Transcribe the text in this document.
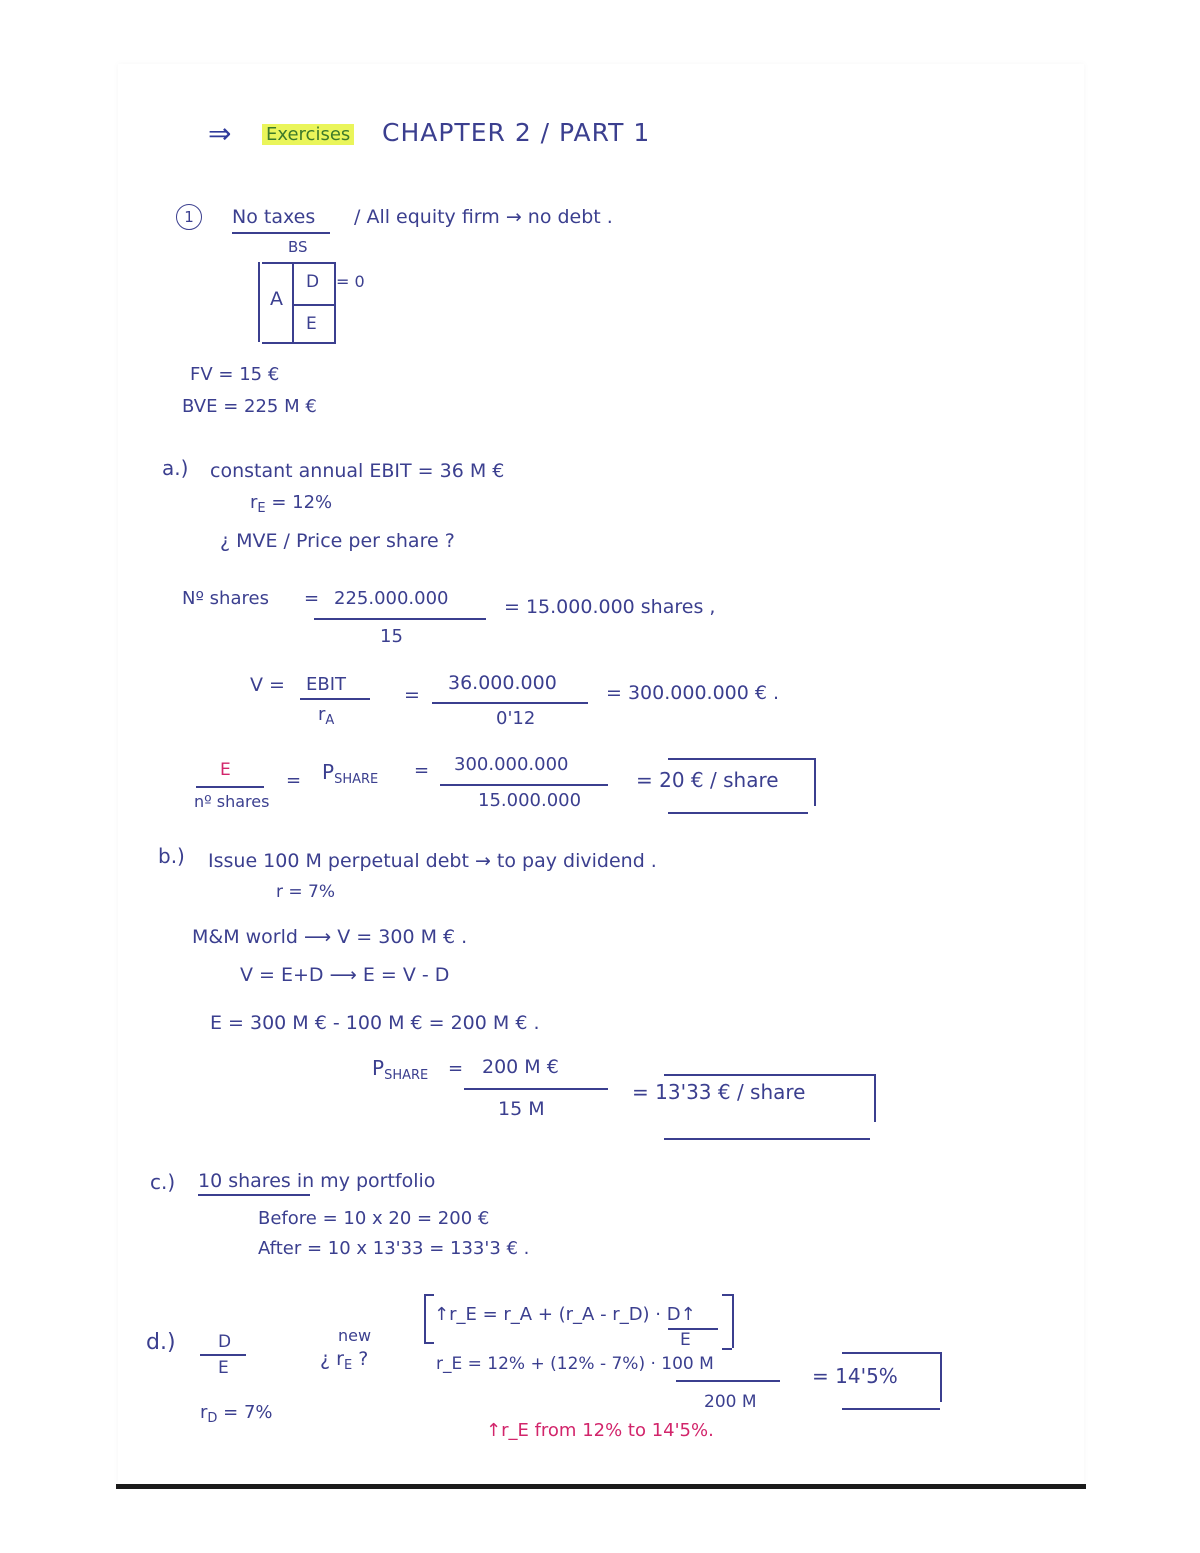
⇒ Exercises CHAPTER 2 / PART 1
1	No taxes / All equity firm → no debt .
BS
A
D = 0
E
FV = 15 €
BVE = 225 M €
a.) constant annual EBIT = 36 M €
$r_E = 12\%$
¿ MVE / Price per share ?
Nº shares = 225.000.000
15
= 15.000.000 shares ,
V = EBIT
$r_A$
=
36.000.000
0'12
= 300.000.000 € .
E
nº shares
= $P_{SHARE} = 300.000.000$
15.000.000
= 20 € / share
b.) Issue 100 M perpetual debt → to pay dividend .
r = 7%
M&M world ⟶ V = 300 M € .
V = E+D ⟶ E = V - D
E = 300 M € - 100 M € = 200 M € .
$P_{SHARE} = 200$ M €
15 M
= 13'33 € / share
c.) 10 shares in my portfolio
Before = 10 x 20 = 200 €
After = 10 x 13'33 = 133'3 € .
d.) D
E
$r_D = 7\%$
new
¿ $r_E$ ?
↑r_E = r_A + (r_A - r_D) · D↑
E
r_E = 12% + (12% - 7%) · 100 M
200 M
= 14'5%
↑r_E from 12% to 14'5%.
